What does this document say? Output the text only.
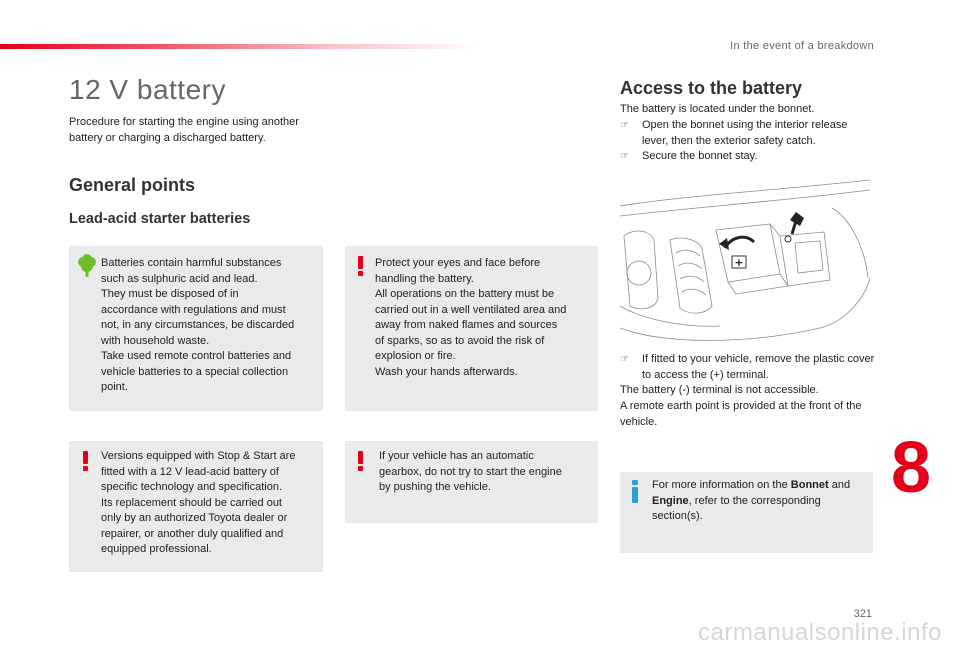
In the event of a breakdown
12 V battery

Procedure for starting the engine using another battery or charging a discharged battery.

General points
Lead-acid starter batteries

Batteries contain harmful substances
such as sulphuric acid and lead.
They must be disposed of in
accordance with regulations and must
not, in any circumstances, be discarded
with household waste.
Take used remote control batteries and
vehicle batteries to a special collection
point.

Protect your eyes and face before
handling the battery.
All operations on the battery must be
carried out in a well ventilated area and
away from naked flames and sources
of sparks, so as to avoid the risk of
explosion or fire.
Wash your hands afterwards.

Versions equipped with Stop & Start are
fitted with a 12 V lead-acid battery of
specific technology and specification.
Its replacement should be carried out
only by an authorized Toyota dealer or
repairer, or another duly qualified and
equipped professional.

If your vehicle has an automatic
gearbox, do not try to start the engine
by pushing the vehicle.

Access to the battery

The battery is located under the bonnet.

☞ Open the bonnet using the interior release lever, then the exterior safety catch.
☞ Secure the bonnet stay.
+
☞ If fitted to your vehicle, remove the plastic cover to access the (+) terminal.

The battery (-) terminal is not accessible.

A remote earth point is provided at the front of the vehicle.

For more information on the Bonnet and Engine, refer to the corresponding section(s).

8
321
carmanualsonline.info
